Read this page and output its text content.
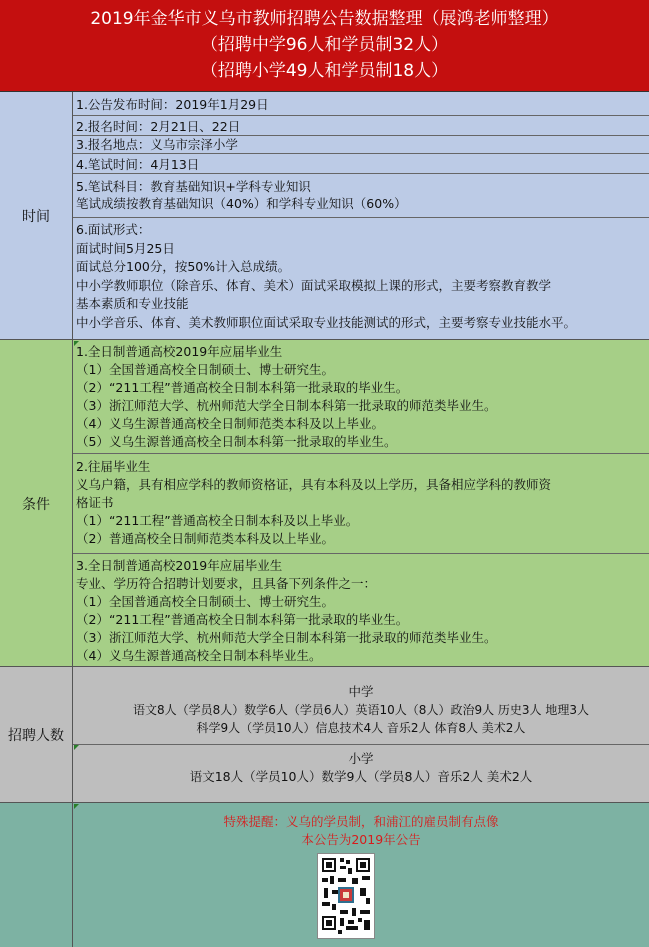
2019年金华市义乌市教师招聘公告数据整理（展鸿老师整理）
（招聘中学96人和学员制32人）
（招聘小学49人和学员制18人）
时间
1.公告发布时间：2019年1月29日
2.报名时间：2月21日、22日
3.报名地点：义乌市宗泽小学
4.笔试时间：4月13日
5.笔试科目：教育基础知识+学科专业知识
笔试成绩按教育基础知识（40%）和学科专业知识（60%）
6.面试形式：
面试时间5月25日
面试总分100分，按50%计入总成绩。
中小学教师职位（除音乐、体育、美术）面试采取模拟上课的形式，主要考察教育教学
基本素质和专业技能
中小学音乐、体育、美术教师职位面试采取专业技能测试的形式，主要考察专业技能水平。
条件
1.全日制普通高校2019年应届毕业生
（1）全国普通高校全日制硕士、博士研究生。
（2）“211工程”普通高校全日制本科第一批录取的毕业生。
（3）浙江师范大学、杭州师范大学全日制本科第一批录取的师范类毕业生。
（4）义乌生源普通高校全日制师范类本科及以上毕业。
（5）义乌生源普通高校全日制本科第一批录取的毕业生。
2.往届毕业生
义乌户籍，具有相应学科的教师资格证，具有本科及以上学历，具备相应学科的教师资
格证书
（1）“211工程”普通高校全日制本科及以上毕业。
（2）普通高校全日制师范类本科及以上毕业。
3.全日制普通高校2019年应届毕业生
专业、学历符合招聘计划要求，且具备下列条件之一：
（1）全国普通高校全日制硕士、博士研究生。
（2）“211工程”普通高校全日制本科第一批录取的毕业生。
（3）浙江师范大学、杭州师范大学全日制本科第一批录取的师范类毕业生。
（4）义乌生源普通高校全日制本科毕业生。
招聘人数
中学
语文8人（学员8人）数学6人（学员6人）英语10人（8人）政治9人 历史3人 地理3人
科学9人（学员10人）信息技术4人 音乐2人 体育8人 美术2人
小学
语文18人（学员10人）数学9人（学员8人）音乐2人 美术2人
特殊提醒：义乌的学员制，和浦江的雇员制有点像
本公告为2019年公告
